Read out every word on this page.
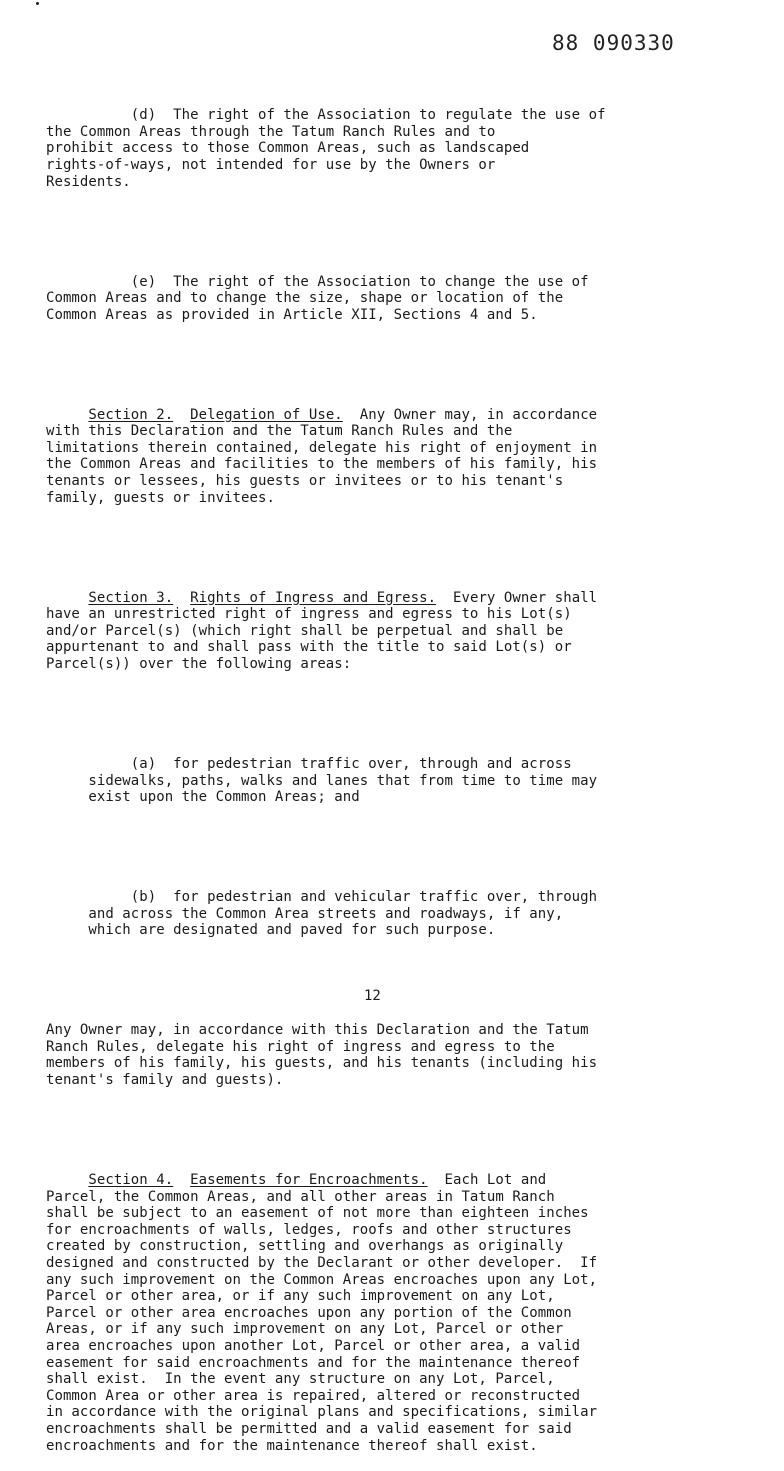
88 090330

(d)  The right of the Association to regulate the use of
the Common Areas through the Tatum Ranch Rules and to
prohibit access to those Common Areas, such as landscaped
rights-of-ways, not intended for use by the Owners or
Residents.

(e)  The right of the Association to change the use of
Common Areas and to change the size, shape or location of the
Common Areas as provided in Article XII, Sections 4 and 5.

Section 2. Delegation of Use.  Any Owner may, in accordance
with this Declaration and the Tatum Ranch Rules and the
limitations therein contained, delegate his right of enjoyment in
the Common Areas and facilities to the members of his family, his
tenants or lessees, his guests or invitees or to his tenant's
family, guests or invitees.

Section 3. Rights of Ingress and Egress.  Every Owner shall
have an unrestricted right of ingress and egress to his Lot(s)
and/or Parcel(s) (which right shall be perpetual and shall be
appurtenant to and shall pass with the title to said Lot(s) or
Parcel(s)) over the following areas:

(a)  for pedestrian traffic over, through and across
sidewalks, paths, walks and lanes that from time to time may
exist upon the Common Areas; and

(b)  for pedestrian and vehicular traffic over, through
and across the Common Area streets and roadways, if any,
which are designated and paved for such purpose.

Any Owner may, in accordance with this Declaration and the Tatum
Ranch Rules, delegate his right of ingress and egress to the
members of his family, his guests, and his tenants (including his
tenant's family and guests).

Section 4. Easements for Encroachments.  Each Lot and
Parcel, the Common Areas, and all other areas in Tatum Ranch
shall be subject to an easement of not more than eighteen inches
for encroachments of walls, ledges, roofs and other structures
created by construction, settling and overhangs as originally
designed and constructed by the Declarant or other developer.  If
any such improvement on the Common Areas encroaches upon any Lot,
Parcel or other area, or if any such improvement on any Lot,
Parcel or other area encroaches upon any portion of the Common
Areas, or if any such improvement on any Lot, Parcel or other
area encroaches upon another Lot, Parcel or other area, a valid
easement for said encroachments and for the maintenance thereof
shall exist.  In the event any structure on any Lot, Parcel,
Common Area or other area is repaired, altered or reconstructed
in accordance with the original plans and specifications, similar
encroachments shall be permitted and a valid easement for said
encroachments and for the maintenance thereof shall exist.

12
